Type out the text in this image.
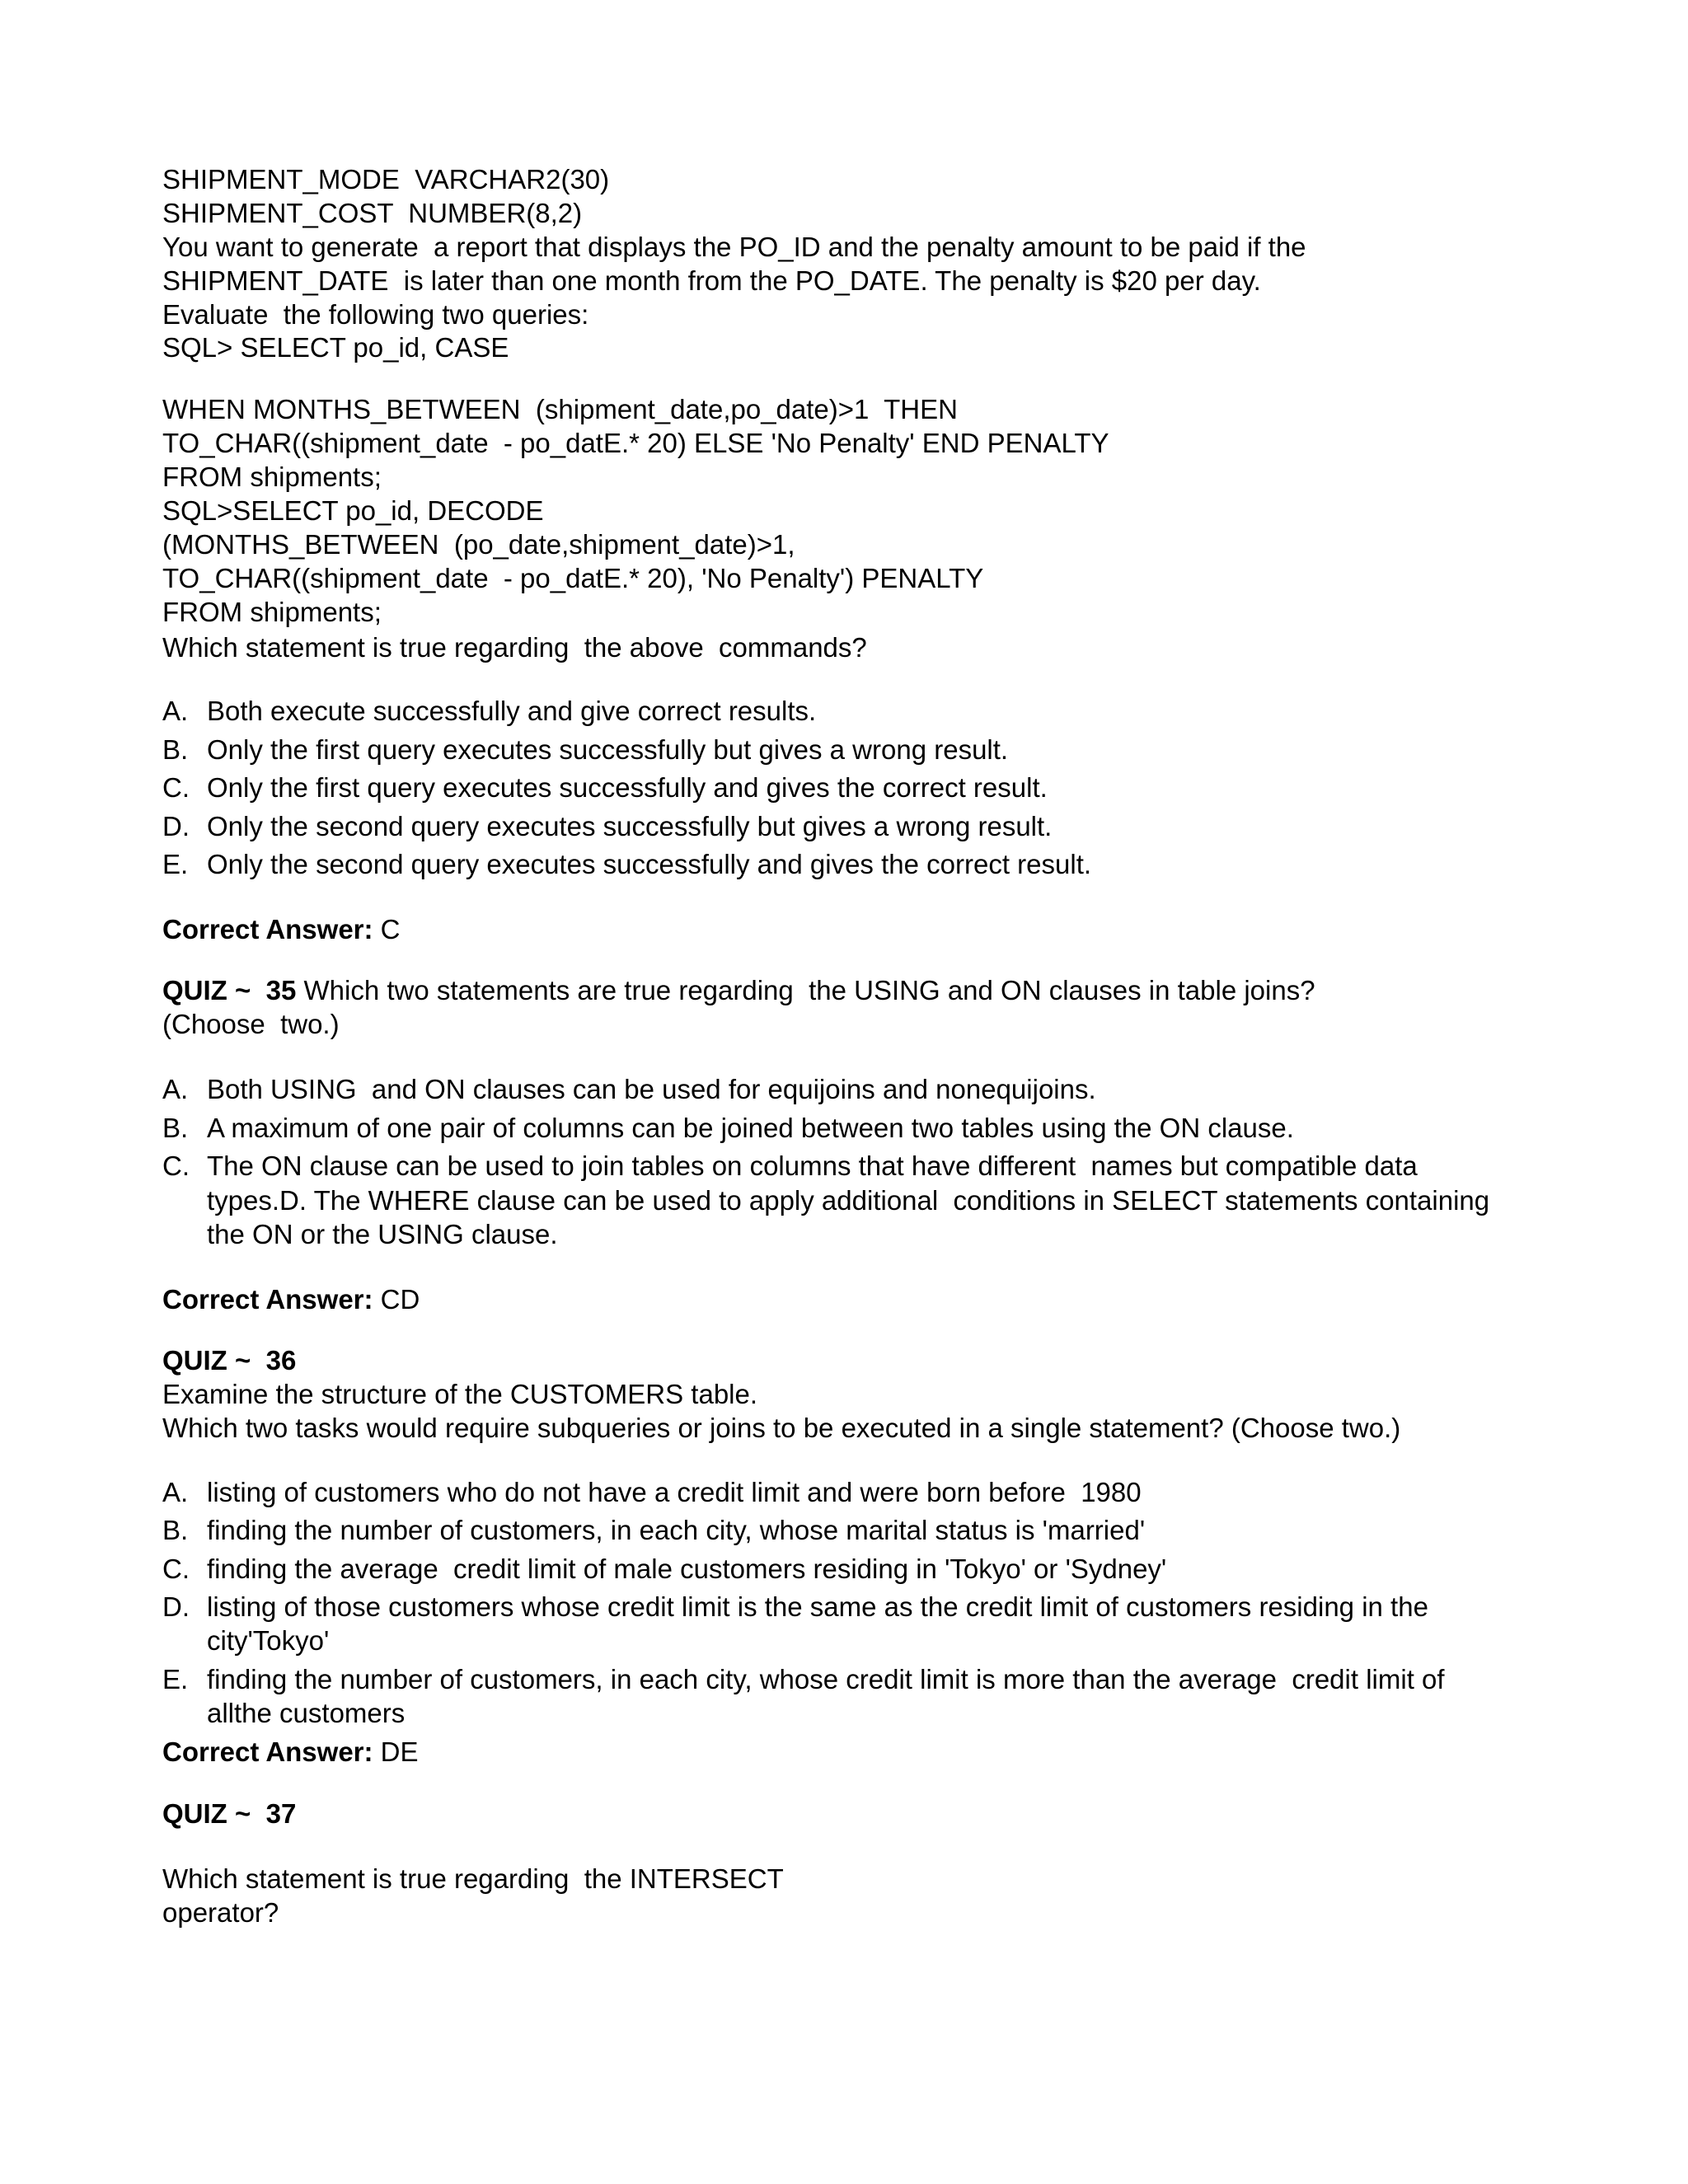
SHIPMENT_MODE  VARCHAR2(30)
SHIPMENT_COST  NUMBER(8,2)
You want to generate  a report that displays the PO_ID and the penalty amount to be paid if the
SHIPMENT_DATE  is later than one month from the PO_DATE. The penalty is $20 per day.
Evaluate  the following two queries:
SQL> SELECT po_id, CASE
WHEN MONTHS_BETWEEN  (shipment_date,po_date)>1  THEN
TO_CHAR((shipment_date  - po_datE.* 20) ELSE 'No Penalty' END PENALTY
FROM shipments;
SQL>SELECT po_id, DECODE
(MONTHS_BETWEEN  (po_date,shipment_date)>1,
TO_CHAR((shipment_date  - po_datE.* 20), 'No Penalty') PENALTY
FROM shipments;
Which statement is true regarding  the above  commands?
A. Both execute successfully and give correct results.
B. Only the first query executes successfully but gives a wrong result.
C. Only the first query executes successfully and gives the correct result.
D. Only the second query executes successfully but gives a wrong result.
E. Only the second query executes successfully and gives the correct result.
Correct Answer: C
QUIZ ~  35 Which two statements are true regarding  the USING and ON clauses in table joins?
(Choose  two.)
A. Both USING  and ON clauses can be used for equijoins and nonequijoins.
B. A maximum of one pair of columns can be joined between two tables using the ON clause.
C. The ON clause can be used to join tables on columns that have different  names but compatible data
types.D. The WHERE clause can be used to apply additional  conditions in SELECT statements containing
the ON or the USING clause.
Correct Answer: CD
QUIZ ~  36
Examine the structure of the CUSTOMERS table.
Which two tasks would require subqueries or joins to be executed in a single statement? (Choose two.)
A. listing of customers who do not have a credit limit and were born before  1980
B. finding the number of customers, in each city, whose marital status is 'married'
C. finding the average  credit limit of male customers residing in 'Tokyo' or 'Sydney'
D. listing of those customers whose credit limit is the same as the credit limit of customers residing in the
city'Tokyo'
E. finding the number of customers, in each city, whose credit limit is more than the average  credit limit of
allthe customers
Correct Answer: DE
QUIZ ~  37
Which statement is true regarding  the INTERSECT
operator?
